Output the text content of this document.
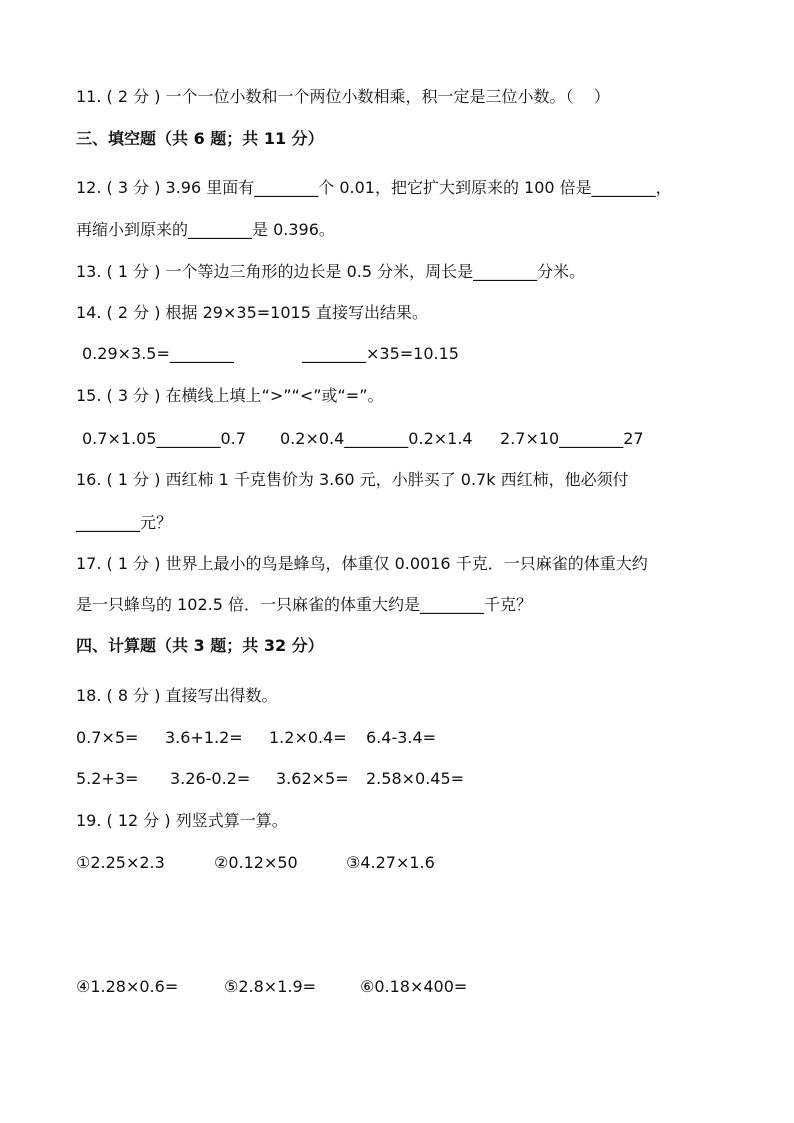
11. ( 2 分 ) 一个一位小数和一个两位小数相乘，积一定是三位小数。（    ）
三、填空题（共 6 题；共 11 分）
12. ( 3 分 ) 3.96 里面有________个 0.01，把它扩大到原来的 100 倍是________，
再缩小到原来的________是 0.396。
13. ( 1 分 ) 一个等边三角形的边长是 0.5 分米，周长是________分米。
14. ( 2 分 ) 根据 29×35=1015 直接写出结果。

0.29×3.5=________

	________×35=10.15

15. ( 3 分 ) 在横线上填上“>”“<”或“=”。

0.7×1.05________0.7

0.2×0.4________0.2×1.4

2.7×10________27

16. ( 1 分 ) 西红柿 1 千克售价为 3.60 元，小胖买了 0.7k 西红柿，他必须付
________元？
17. ( 1 分 ) 世界上最小的鸟是蜂鸟，体重仅 0.0016 千克．一只麻雀的体重大约
是一只蜂鸟的 102.5 倍．一只麻雀的体重大约是________千克？
四、计算题（共 3 题；共 32 分）
18. ( 8 分 ) 直接写出得数。

0.7×5=

3.6+1.2=

1.2×0.4=

6.4-3.4=

5.2+3=

3.26-0.2=

3.62×5=

2.58×0.45=

19. ( 12 分 ) 列竖式算一算。

①2.25×2.3

	②0.12×50

	③4.27×1.6

④1.28×0.6=

	⑤2.8×1.9=

	⑥0.18×400=
